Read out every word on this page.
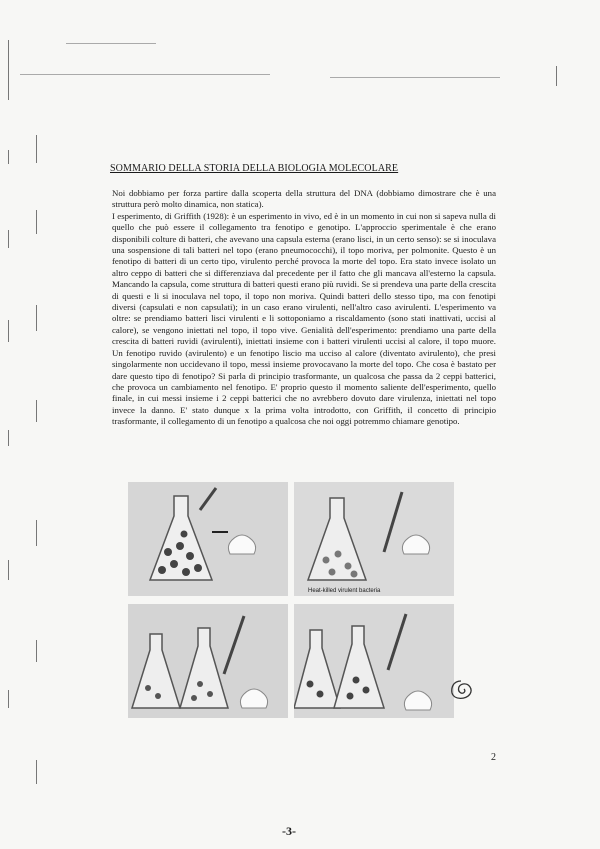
SOMMARIO DELLA STORIA DELLA BIOLOGIA MOLECOLARE

Noi dobbiamo per forza partire dalla scoperta della struttura del DNA (dobbiamo dimostrare che è una struttura però molto dinamica, non statica).

I esperimento, di Griffith (1928): è un esperimento in vivo, ed è in un momento in cui non si sapeva nulla di quello che può essere il collegamento tra fenotipo e genotipo. L'approccio sperimentale è che erano disponibili colture di batteri, che avevano una capsula esterna (erano lisci, in un certo senso): se si inoculava una sospensione di tali batteri nel topo (erano pneumococchi), il topo moriva, per polmonite. Questo è un fenotipo di batteri di un certo tipo, virulento perché provoca la morte del topo. Era stato invece isolato un altro ceppo di batteri che si differenziava dal precedente per il fatto che gli mancava all'esterno la capsula. Mancando la capsula, come struttura di batteri questi erano più ruvidi. Se si prendeva una parte della crescita di questi e li si inoculava nel topo, il topo non moriva. Quindi batteri dello stesso tipo, ma con fenotipi diversi (capsulati e non capsulati); in un caso erano virulenti, nell'altro caso avirulenti. L'esperimento va oltre: se prendiamo batteri lisci virulenti e li sottoponiamo a riscaldamento (sono stati inattivati, uccisi al calore), se vengono iniettati nel topo, il topo vive. Genialità dell'esperimento: prendiamo una parte della crescita di batteri ruvidi (avirulenti), iniettati insieme con i batteri virulenti uccisi al calore, il topo muore. Un fenotipo ruvido (avirulento) e un fenotipo liscio ma ucciso al calore (diventato avirulento), che presi singolarmente non uccidevano il topo, messi insieme provocavano la morte del topo. Che cosa è bastato per dare questo tipo di fenotipo? Si parla di principio trasformante, un qualcosa che passa da 2 ceppi batterici, che provoca un cambiamento nel fenotipo. E' proprio questo il momento saliente dell'esperimento, quello finale, in cui messi insieme i 2 ceppi batterici che no avrebbero dovuto dare virulenza, iniettati nel topo invece la danno. E' stato dunque x la prima volta introdotto, con Griffith, il concetto di principio trasformante, il collegamento di un fenotipo a qualcosa che noi oggi potremmo chiamare genotipo.

Heat-killed virulent bacteria
2
-3-
